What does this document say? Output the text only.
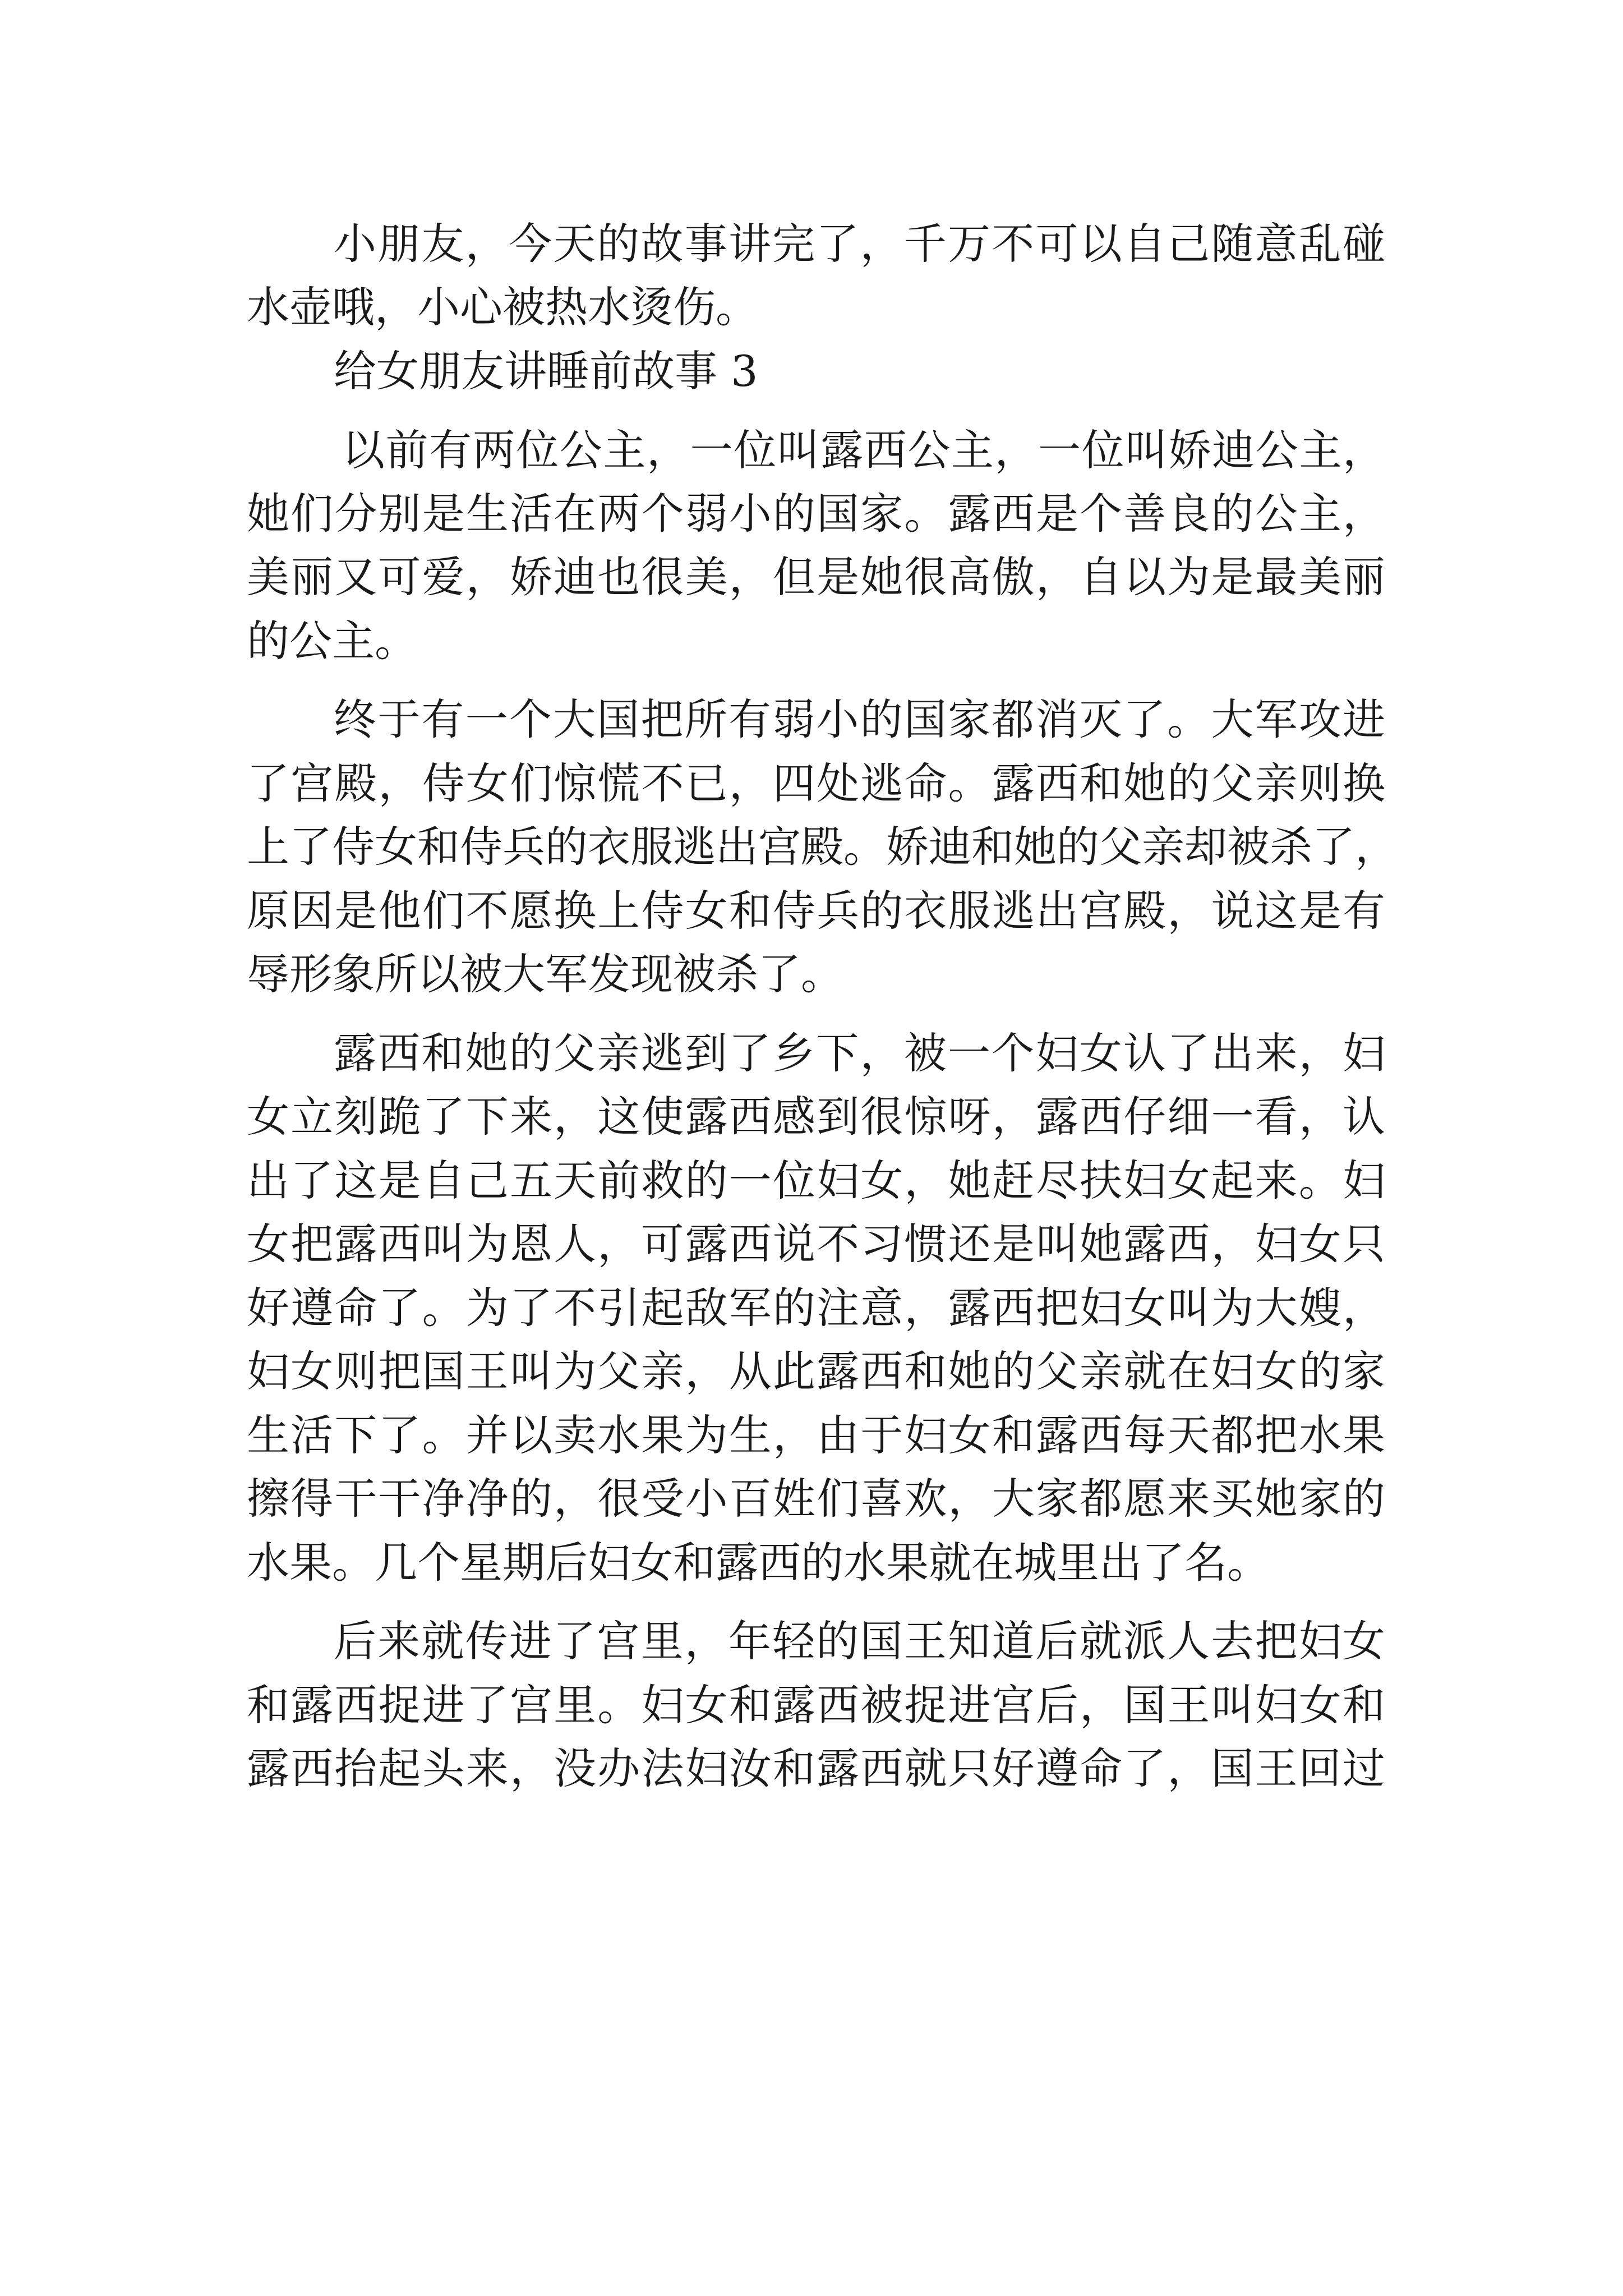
小朋友，今天的故事讲完了，千万不可以自己随意乱碰
水壶哦，小心被热水烫伤。
给女朋友讲睡前故事 3
以前有两位公主，一位叫露西公主，一位叫娇迪公主，
她们分别是生活在两个弱小的国家。露西是个善良的公主，
美丽又可爱，娇迪也很美，但是她很高傲，自以为是最美丽
的公主。
终于有一个大国把所有弱小的国家都消灭了。大军攻进
了宫殿，侍女们惊慌不已，四处逃命。露西和她的父亲则换
上了侍女和侍兵的衣服逃出宫殿。娇迪和她的父亲却被杀了，
原因是他们不愿换上侍女和侍兵的衣服逃出宫殿，说这是有
辱形象所以被大军发现被杀了。
露西和她的父亲逃到了乡下，被一个妇女认了出来，妇
女立刻跪了下来，这使露西感到很惊呀，露西仔细一看，认
出了这是自己五天前救的一位妇女，她赶尽扶妇女起来。妇
女把露西叫为恩人，可露西说不习惯还是叫她露西，妇女只
好遵命了。为了不引起敌军的注意，露西把妇女叫为大嫂，
妇女则把国王叫为父亲，从此露西和她的父亲就在妇女的家
生活下了。并以卖水果为生，由于妇女和露西每天都把水果
擦得干干净净的，很受小百姓们喜欢，大家都愿来买她家的
水果。几个星期后妇女和露西的水果就在城里出了名。
后来就传进了宫里，年轻的国王知道后就派人去把妇女
和露西捉进了宫里。妇女和露西被捉进宫后，国王叫妇女和
露西抬起头来，没办法妇汝和露西就只好遵命了，国王回过
